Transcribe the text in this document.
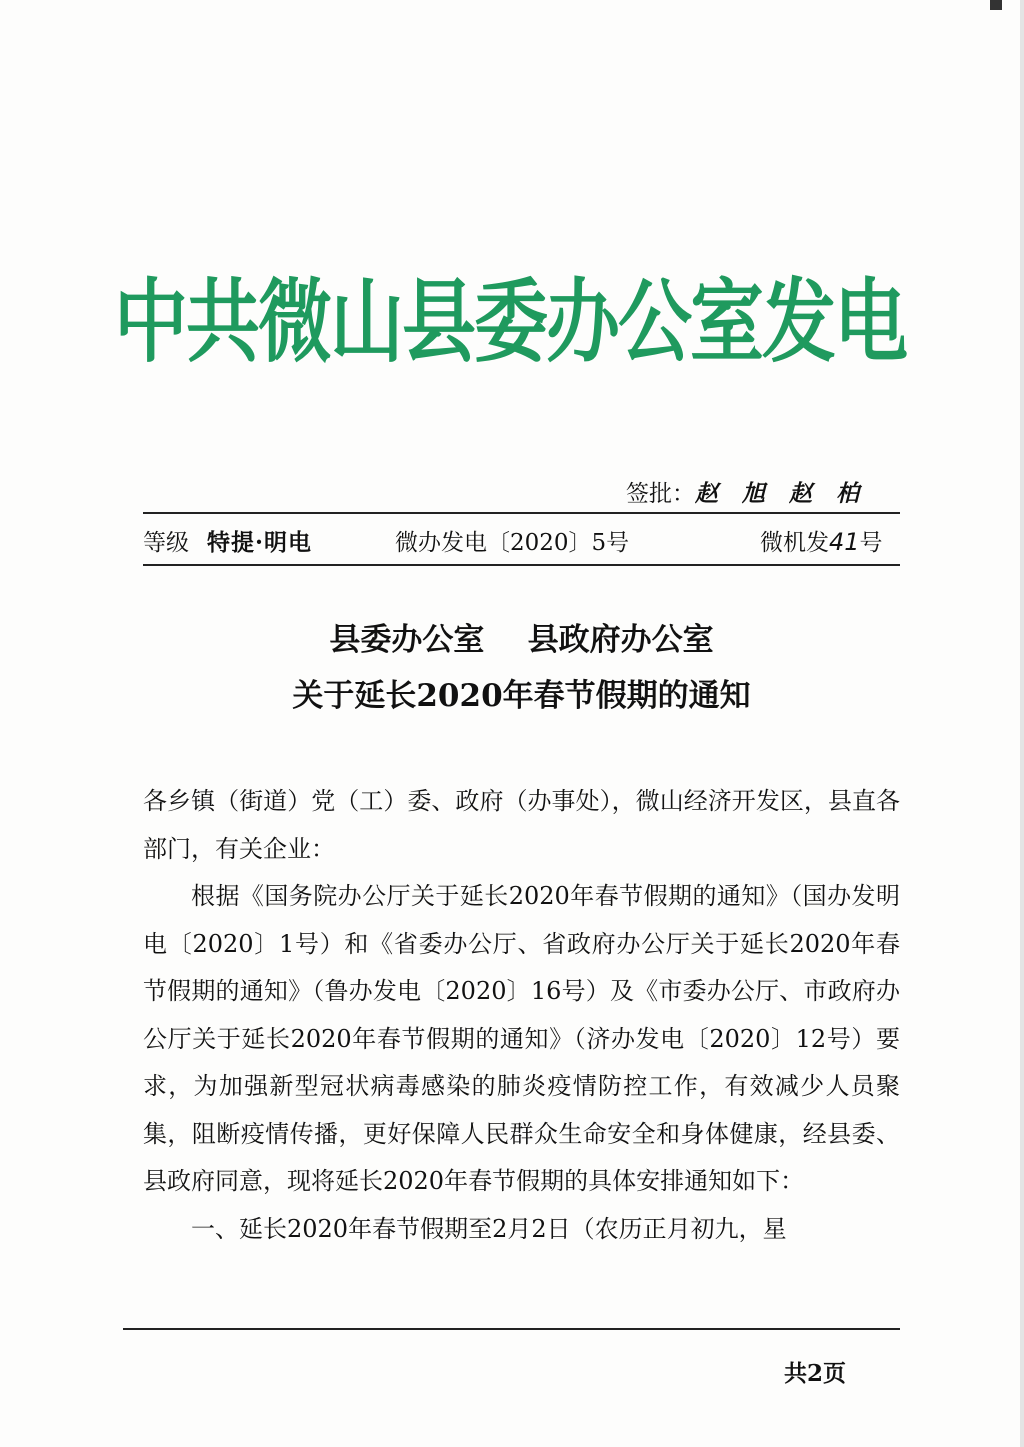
中共微山县委办公室发电
签批：赵 旭 赵 柏
等级 特提·明电	微办发电〔2020〕5号	微机发41号
县委办公室    县政府办公室
关于延长2020年春节假期的通知

各乡镇（街道）党（工）委、政府（办事处），微山经济开发区，县直各部门，有关企业：

根据《国务院办公厅关于延长2020年春节假期的通知》（国办发明电〔2020〕1号）和《省委办公厅、省政府办公厅关于延长2020年春节假期的通知》（鲁办发电〔2020〕16号）及《市委办公厅、市政府办公厅关于延长2020年春节假期的通知》（济办发电〔2020〕12号）要求，为加强新型冠状病毒感染的肺炎疫情防控工作，有效减少人员聚集，阻断疫情传播，更好保障人民群众生命安全和身体健康，经县委、县政府同意，现将延长2020年春节假期的具体安排通知如下：

一、延长2020年春节假期至2月2日（农历正月初九，星

共2页
